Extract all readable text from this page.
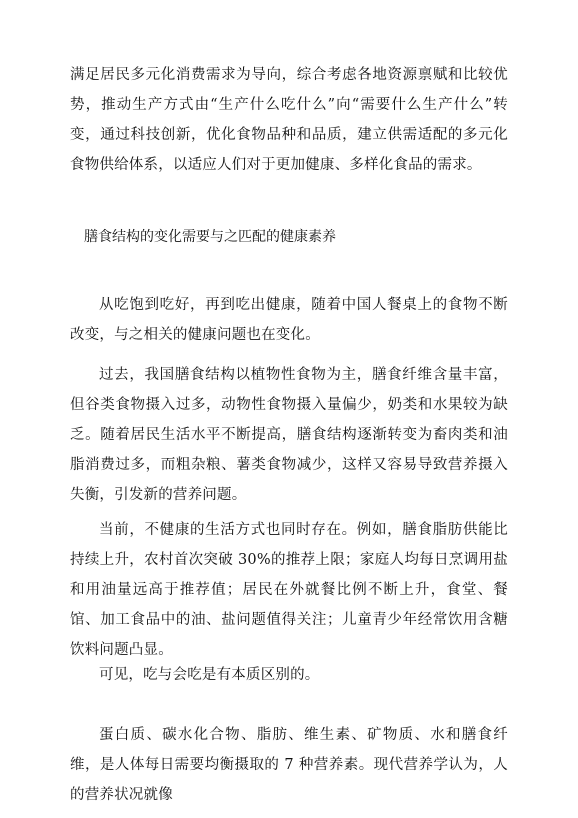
满足居民多元化消费需求为导向，综合考虑各地资源禀赋和比较优势，推动生产方式由“生产什么吃什么”向“需要什么生产什么”转变，通过科技创新，优化食物品种和品质，建立供需适配的多元化食物供给体系，以适应人们对于更加健康、多样化食品的需求。

膳食结构的变化需要与之匹配的健康素养

从吃饱到吃好，再到吃出健康，随着中国人餐桌上的食物不断改变，与之相关的健康问题也在变化。

过去，我国膳食结构以植物性食物为主，膳食纤维含量丰富，但谷类食物摄入过多，动物性食物摄入量偏少，奶类和水果较为缺乏。随着居民生活水平不断提高，膳食结构逐渐转变为畜肉类和油脂消费过多，而粗杂粮、薯类食物减少，这样又容易导致营养摄入失衡，引发新的营养问题。

当前，不健康的生活方式也同时存在。例如，膳食脂肪供能比持续上升，农村首次突破 30%的推荐上限；家庭人均每日烹调用盐和用油量远高于推荐值；居民在外就餐比例不断上升，食堂、餐馆、加工食品中的油、盐问题值得关注；儿童青少年经常饮用含糖饮料问题凸显。

可见，吃与会吃是有本质区别的。

蛋白质、碳水化合物、脂肪、维生素、矿物质、水和膳食纤维，是人体每日需要均衡摄取的 7 种营养素。现代营养学认为，人的营养状况就像
